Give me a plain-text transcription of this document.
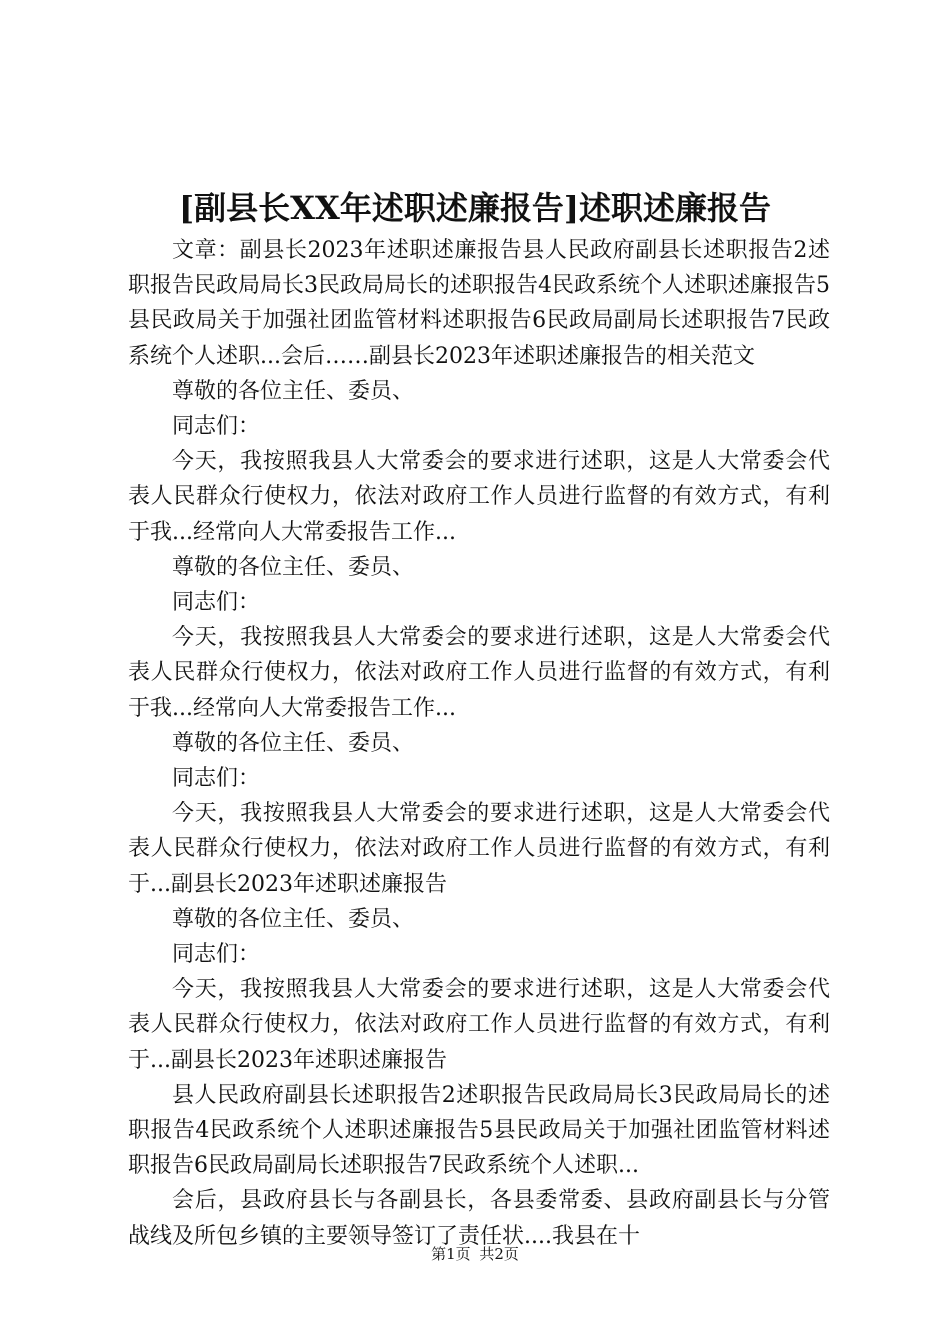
[副县长XX年述职述廉报告]述职述廉报告

文章：副县长2023年述职述廉报告县人民政府副县长述职报告2述职报告民政局局长3民政局局长的述职报告4民政系统个人述职述廉报告5县民政局关于加强社团监管材料述职报告6民政局副局长述职报告7民政系统个人述职...会后……副县长2023年述职述廉报告的相关范文

尊敬的各位主任、委员、

同志们：

今天，我按照我县人大常委会的要求进行述职，这是人大常委会代表人民群众行使权力，依法对政府工作人员进行监督的有效方式，有利于我...经常向人大常委报告工作...

尊敬的各位主任、委员、

同志们：

今天，我按照我县人大常委会的要求进行述职，这是人大常委会代表人民群众行使权力，依法对政府工作人员进行监督的有效方式，有利于我...经常向人大常委报告工作...

尊敬的各位主任、委员、

同志们：

今天，我按照我县人大常委会的要求进行述职，这是人大常委会代表人民群众行使权力，依法对政府工作人员进行监督的有效方式，有利于...副县长2023年述职述廉报告

尊敬的各位主任、委员、

同志们：

今天，我按照我县人大常委会的要求进行述职，这是人大常委会代表人民群众行使权力，依法对政府工作人员进行监督的有效方式，有利于...副县长2023年述职述廉报告

县人民政府副县长述职报告2述职报告民政局局长3民政局局长的述职报告4民政系统个人述职述廉报告5县民政局关于加强社团监管材料述职报告6民政局副局长述职报告7民政系统个人述职...

会后，县政府县长与各副县长，各县委常委、县政府副县长与分管战线及所包乡镇的主要领导签订了责任状....我县在十

第1页 共2页
